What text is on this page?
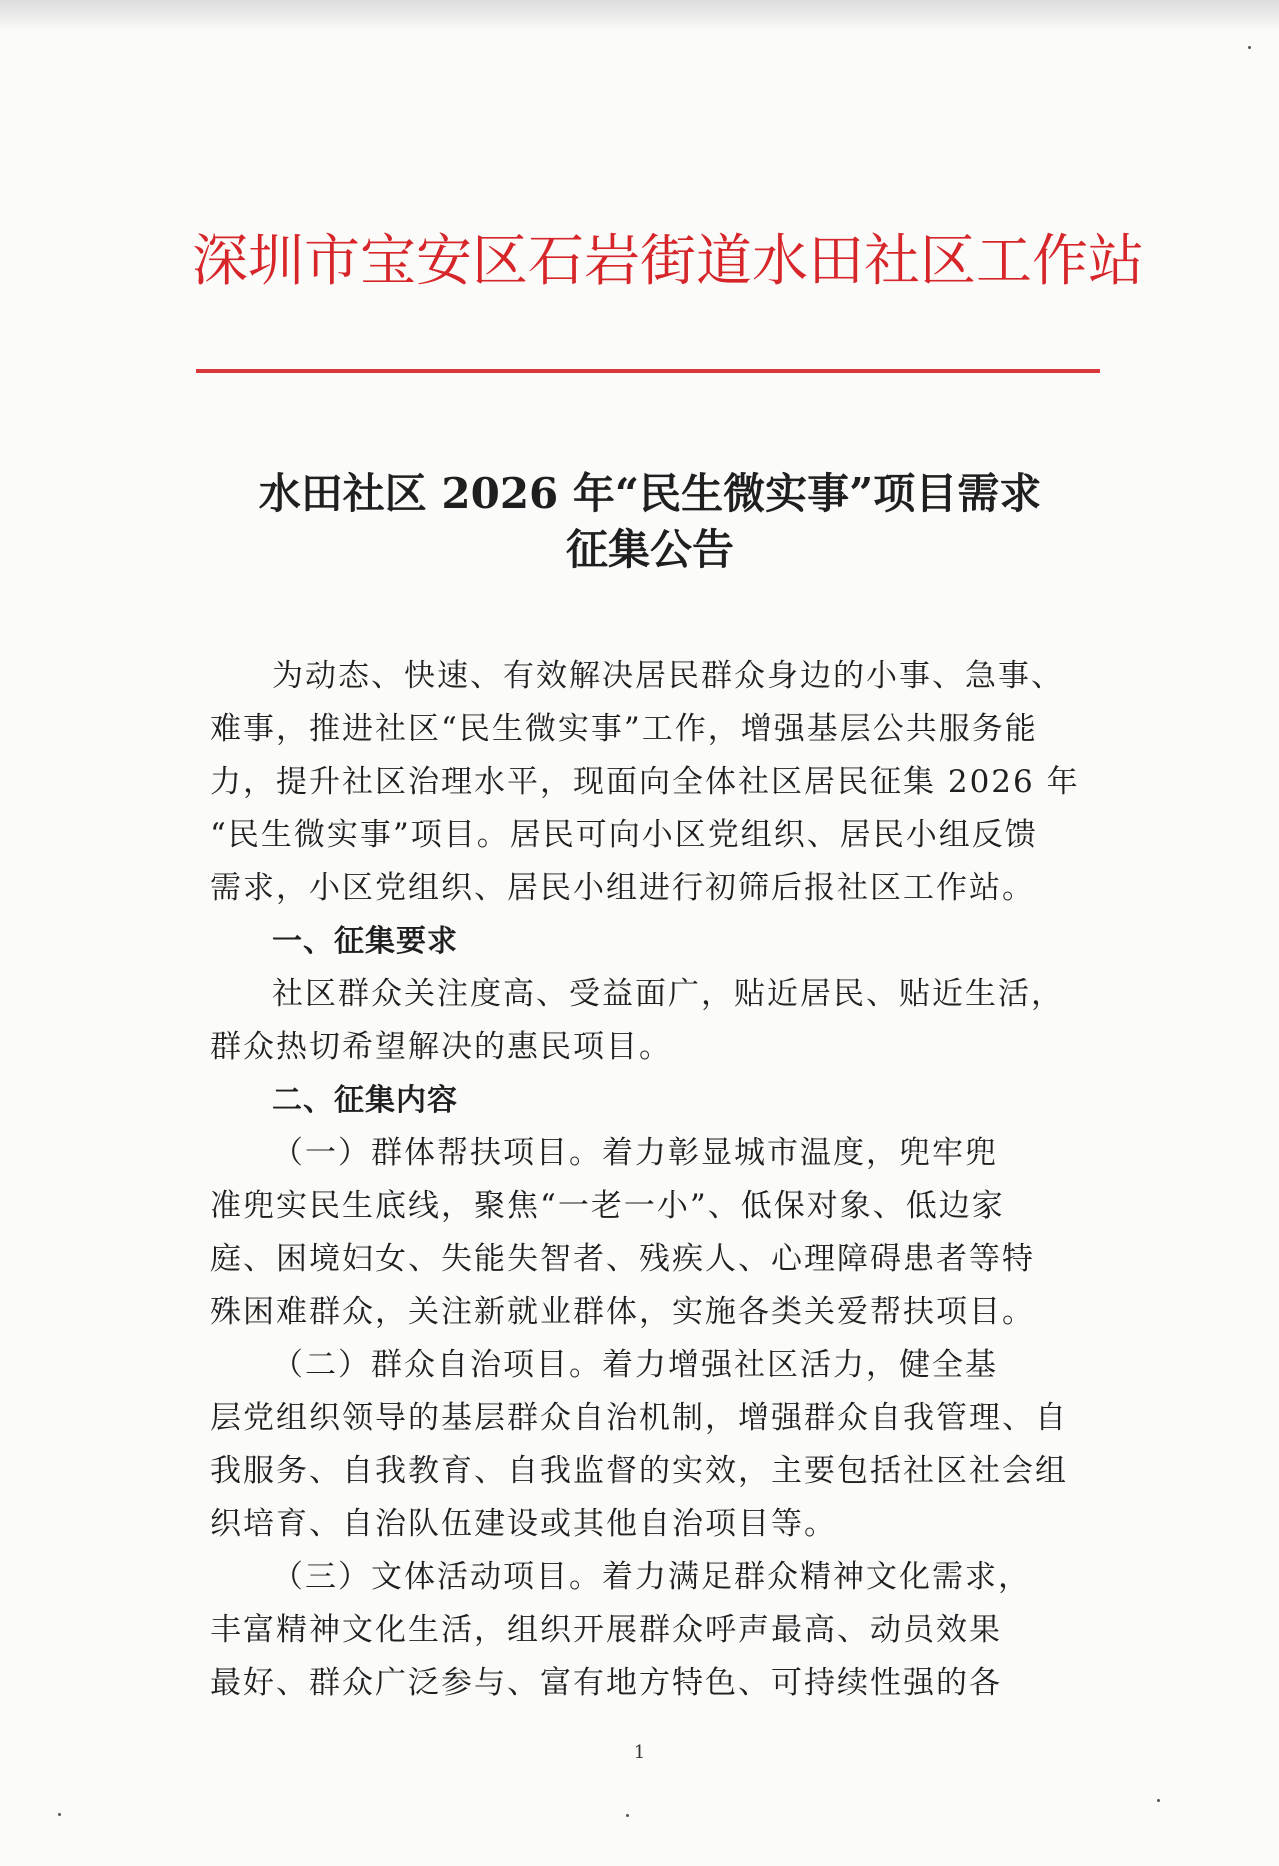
深圳市宝安区石岩街道水田社区工作站
水田社区 2026 年“民生微实事”项目需求
征集公告

为动态、快速、有效解决居民群众身边的小事、急事、

难事，推进社区“民生微实事”工作，增强基层公共服务能

力，提升社区治理水平，现面向全体社区居民征集 2026 年

“民生微实事”项目。居民可向小区党组织、居民小组反馈

需求，小区党组织、居民小组进行初筛后报社区工作站。

一、征集要求

社区群众关注度高、受益面广，贴近居民、贴近生活，

群众热切希望解决的惠民项目。

二、征集内容

（一）群体帮扶项目。着力彰显城市温度，兜牢兜

准兜实民生底线，聚焦“一老一小”、低保对象、低边家

庭、困境妇女、失能失智者、残疾人、心理障碍患者等特

殊困难群众，关注新就业群体，实施各类关爱帮扶项目。

（二）群众自治项目。着力增强社区活力，健全基

层党组织领导的基层群众自治机制，增强群众自我管理、自

我服务、自我教育、自我监督的实效，主要包括社区社会组

织培育、自治队伍建设或其他自治项目等。

（三）文体活动项目。着力满足群众精神文化需求，

丰富精神文化生活，组织开展群众呼声最高、动员效果

最好、群众广泛参与、富有地方特色、可持续性强的各

1
